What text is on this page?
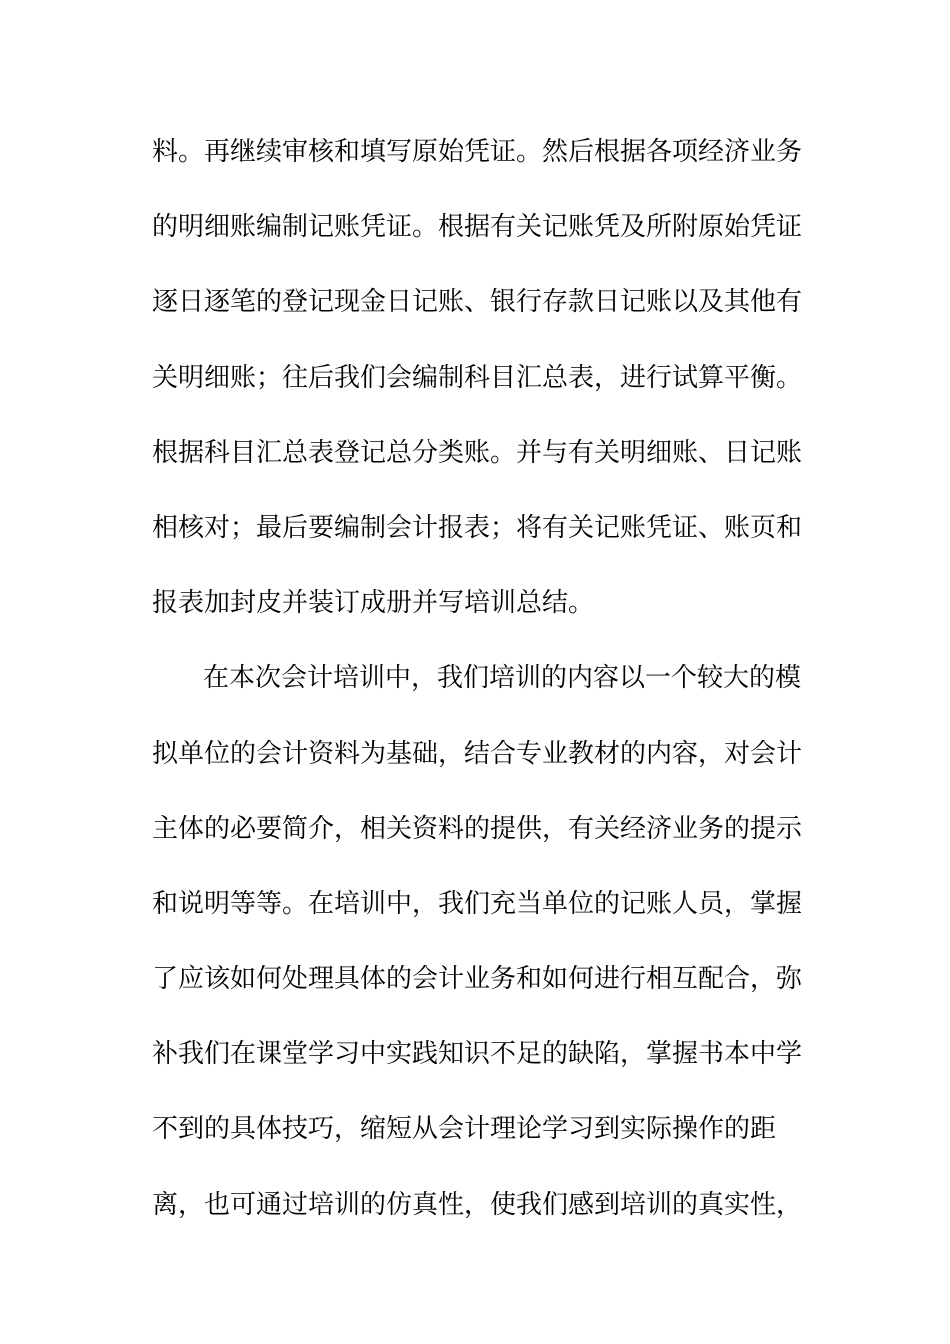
料。再继续审核和填写原始凭证。然后根据各项经济业务
的明细账编制记账凭证。根据有关记账凭及所附原始凭证
逐日逐笔的登记现金日记账、银行存款日记账以及其他有
关明细账；往后我们会编制科目汇总表，进行试算平衡。
根据科目汇总表登记总分类账。并与有关明细账、日记账
相核对；最后要编制会计报表；将有关记账凭证、账页和
报表加封皮并装订成册并写培训总结。
在本次会计培训中，我们培训的内容以一个较大的模
拟单位的会计资料为基础，结合专业教材的内容，对会计
主体的必要简介，相关资料的提供，有关经济业务的提示
和说明等等。在培训中，我们充当单位的记账人员，掌握
了应该如何处理具体的会计业务和如何进行相互配合，弥
补我们在课堂学习中实践知识不足的缺陷，掌握书本中学
不到的具体技巧，缩短从会计理论学习到实际操作的距
离，也可通过培训的仿真性，使我们感到培训的真实性，
